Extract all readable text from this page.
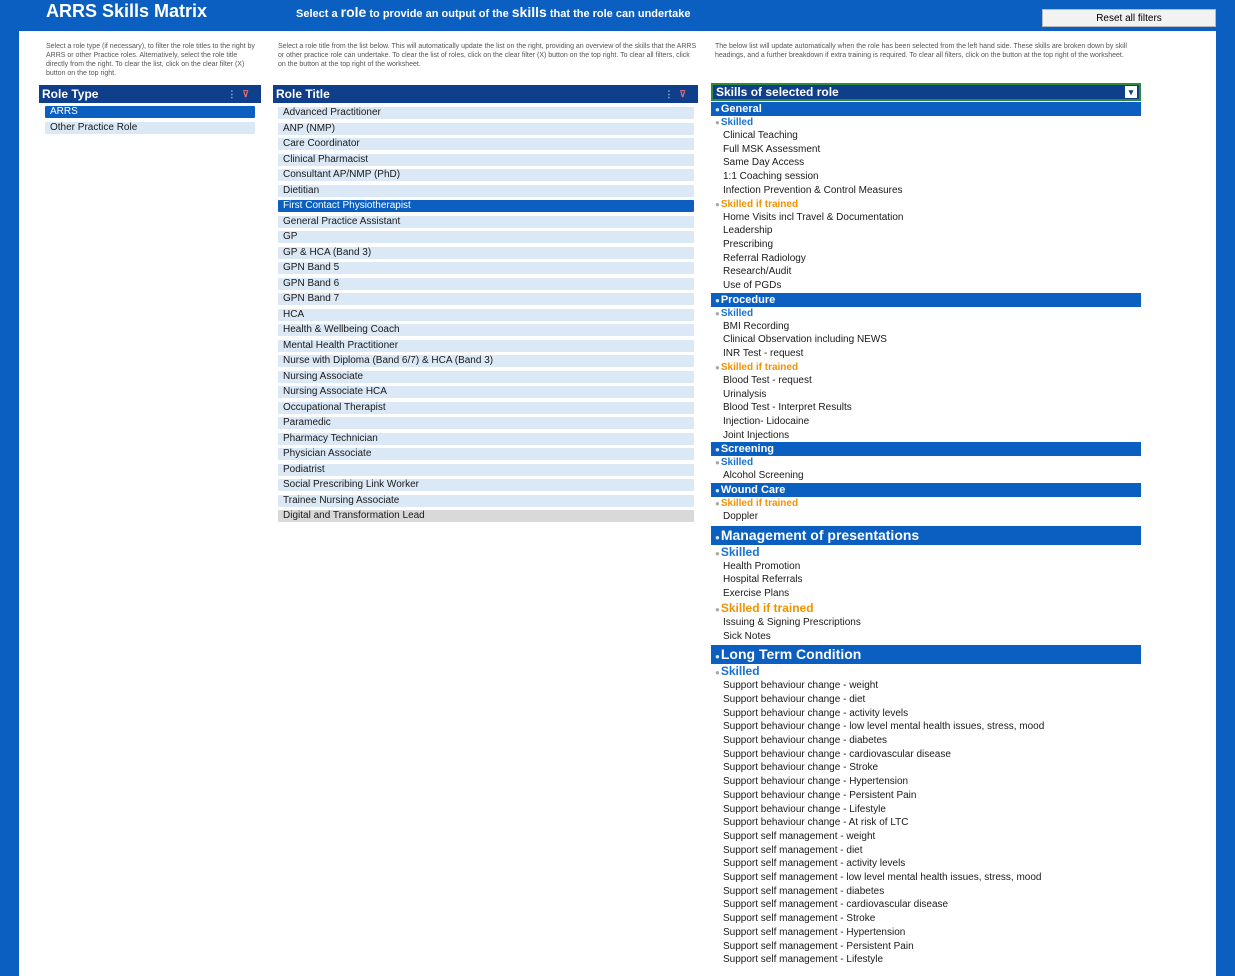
ARRS Skills Matrix	Select a role to provide an output of the skills that the role can undertake	Reset all filters
Select a role type (if necessary), to filter the role titles to the right by ARRS or other Practice roles. Alternatively, select the role title directly from the right. To clear the list, click on the clear filter (X) button on the top right.
Select a role title from the list below. This will automatically update the list on the right, providing an overview of the skills that the ARRS or other practice role can undertake. To clear the list of roles, click on the clear filter (X) button on the top right. To clear all filters, click on the button at the top right of the worksheet.
The below list will update automatically when the role has been selected from the left hand side. These skills are broken down by skill headings, and a further breakdown if extra training is required. To clear all filters, click on the button at the top right of the worksheet.
Role Type	⋮⊽
ARRS
Other Practice Role
Role Title	⋮⊽
Advanced Practitioner
ANP (NMP)
Care Coordinator
Clinical Pharmacist
Consultant AP/NMP (PhD)
Dietitian
First Contact Physiotherapist
General Practice Assistant
GP
GP & HCA (Band 3)
GPN Band 5
GPN Band 6
GPN Band 7
HCA
Health & Wellbeing Coach
Mental Health Practitioner
Nurse with Diploma (Band 6/7) & HCA (Band 3)
Nursing Associate
Nursing Associate HCA
Occupational Therapist
Paramedic
Pharmacy Technician
Physician Associate
Podiatrist
Social Prescribing Link Worker
Trainee Nursing Associate
Digital and Transformation Lead
Skills of selected role	▾
●General
●Skilled
Clinical Teaching
Full MSK Assessment
Same Day Access
1:1 Coaching session
Infection Prevention & Control Measures
●Skilled if trained
Home Visits incl Travel & Documentation
Leadership
Prescribing
Referral Radiology
Research/Audit
Use of PGDs
●Procedure
●Skilled
BMI Recording
Clinical Observation including NEWS
INR Test - request
●Skilled if trained
Blood Test - request
Urinalysis
Blood Test - Interpret Results
Injection- Lidocaine
Joint Injections
●Screening
●Skilled
Alcohol Screening
●Wound Care
●Skilled if trained
Doppler
●Management of presentations
●Skilled
Health Promotion
Hospital Referrals
Exercise Plans
●Skilled if trained
Issuing & Signing Prescriptions
Sick Notes
●Long Term Condition
●Skilled
Support behaviour change - weight
Support behaviour change - diet
Support behaviour change - activity levels
Support behaviour change - low level mental health issues, stress, mood
Support behaviour change - diabetes
Support behaviour change - cardiovascular disease
Support behaviour change - Stroke
Support behaviour change - Hypertension
Support behaviour change - Persistent Pain
Support behaviour change - Lifestyle
Support behaviour change - At risk of LTC
Support self management - weight
Support self management - diet
Support self management - activity levels
Support self management - low level mental health issues, stress, mood
Support self management - diabetes
Support self management - cardiovascular disease
Support self management - Stroke
Support self management - Hypertension
Support self management - Persistent Pain
Support self management - Lifestyle
